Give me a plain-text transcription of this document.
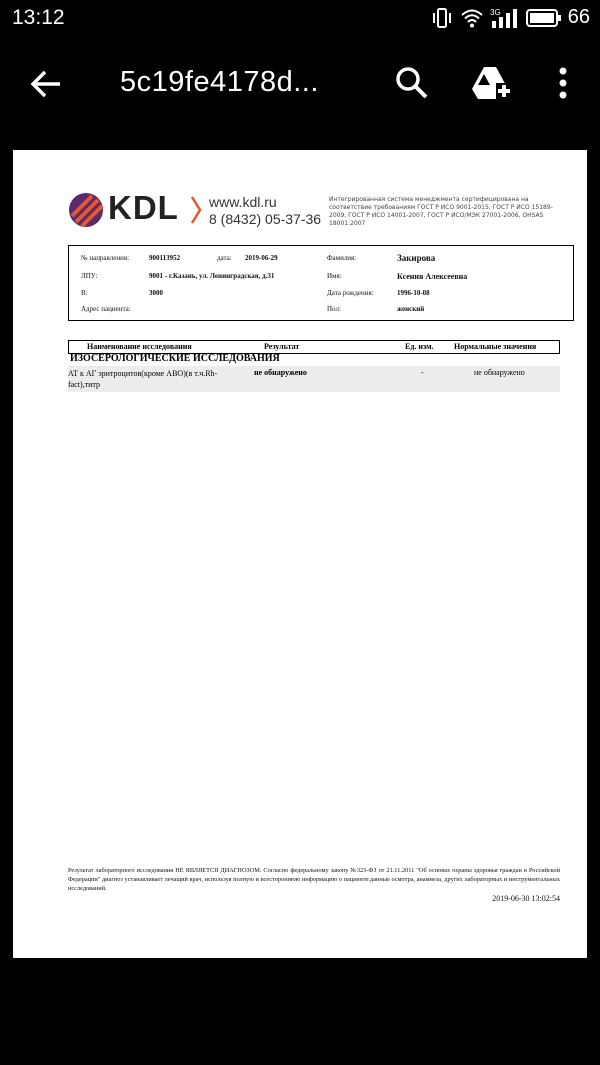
13:12	3G	66
5c19fe4178d...
KDL www.kdl.ru
8 (8432) 05-37-36
Интегрированная система менеджмента сертифицирована на соответствие требованиям ГОСТ Р ИСО 9001-2015, ГОСТ Р ИСО 15189-2009, ГОСТ Р ИСО 14001-2007, ГОСТ Р ИСО/МЭК 27001-2006, OHSAS 18001:2007
№ направления:	900113952	дата: 2019-06-29	Фамилия:	Закирова
ЛПУ:	9001 - г.Казань, ул. Ленинградская, д.31	Имя:	Ксения Алексеевна
В:	3000	Дата рождения:	1996-10-08
Адрес пациента:	Пол:	женский
Наименование исследования	Результат	Ед. изм.	Нормальные значения
ИЗОСЕРОЛОГИЧЕСКИЕ ИССЛЕДОВАНИЯ
АТ к АГ эритроцитов(кроме АВО)(в т.ч.Rh-fact),титр
не обнаружено	-	не обнаружено
Результат лабораторного исследования НЕ ЯВЛЯЕТСЯ ДИАГНОЗОМ. Согласно федеральному закону №323-ФЗ от 21.11.2011 "Об основах охраны здоровья граждан в Российской Федерации" диагноз устанавливает лечащий врач, используя полную и всестороннюю информацию о пациенте:данные осмотра, анамнеза, других лабораторных и инструментальных исследований.
2019-06-30 13:02:54
